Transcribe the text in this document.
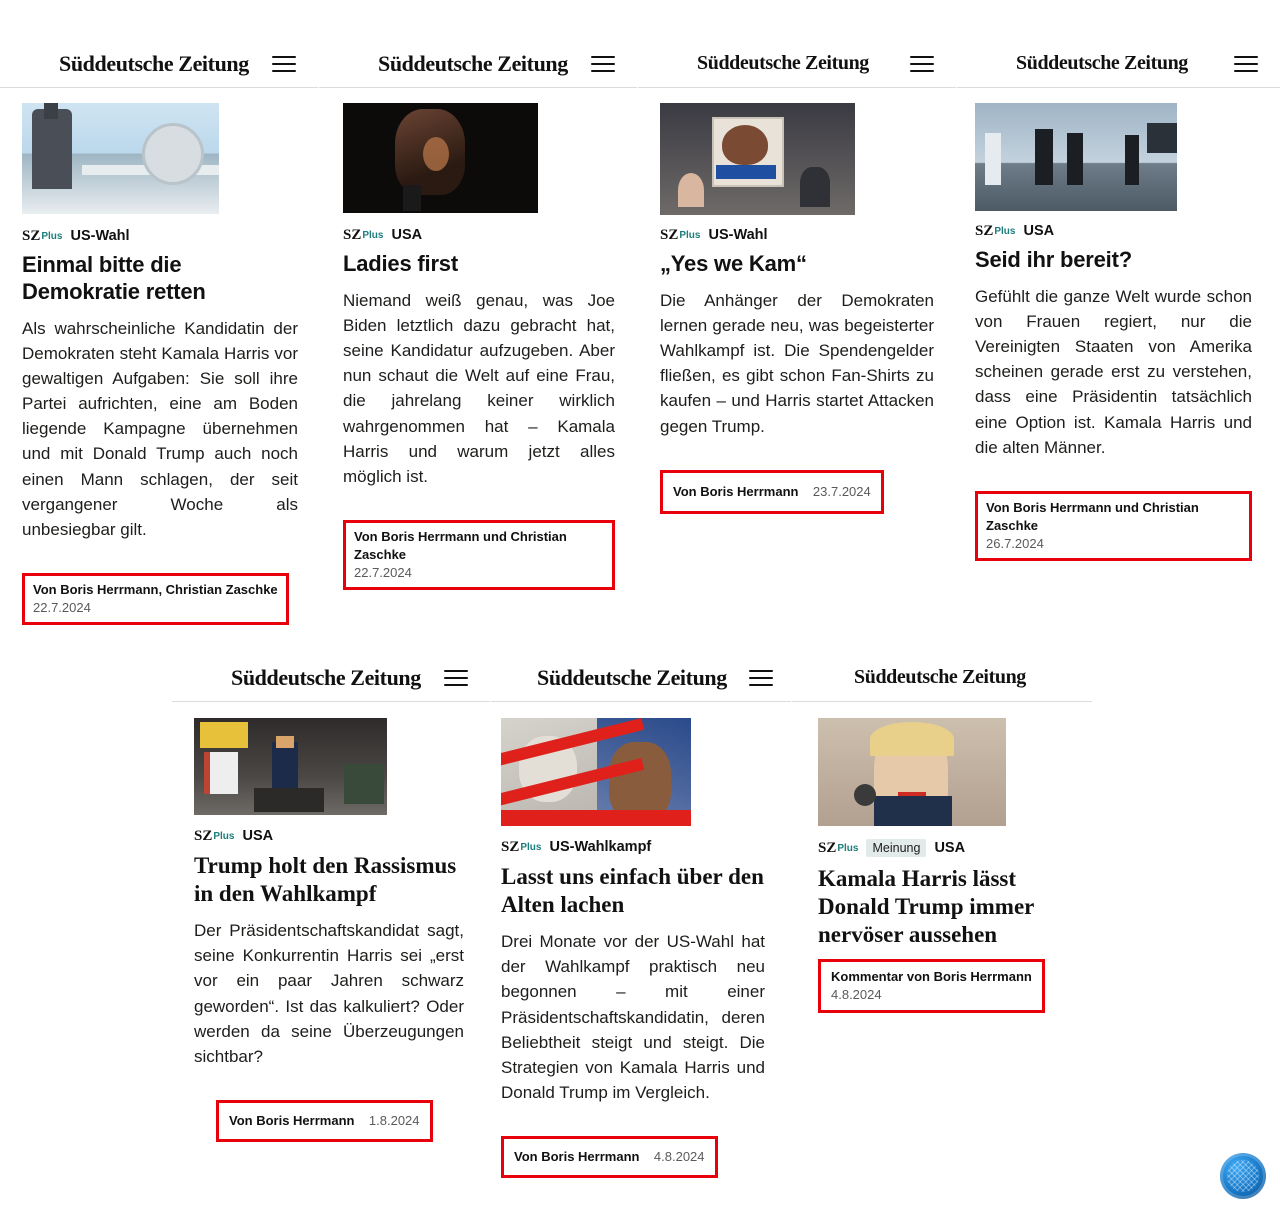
Süddeutsche Zeitung
SZ Plus US-Wahl
Einmal bitte die Demokratie retten

Als wahrscheinliche Kandidatin der Demokraten steht Kamala Harris vor gewaltigen Aufgaben: Sie soll ihre Partei aufrichten, eine am Boden liegende Kampagne übernehmen und mit Donald Trump auch noch einen Mann schlagen, der seit vergangener Woche als unbesiegbar gilt.

Von Boris Herrmann, Christian Zaschke
22.7.2024
Süddeutsche Zeitung
SZ Plus USA
Ladies first

Niemand weiß genau, was Joe Biden letztlich dazu gebracht hat, seine Kandidatur aufzugeben. Aber nun schaut die Welt auf eine Frau, die jahrelang keiner wirklich wahrgenommen hat – Kamala Harris und warum jetzt alles möglich ist.

Von Boris Herrmann und Christian Zaschke
22.7.2024
Süddeutsche Zeitung
SZ Plus US-Wahl
„Yes we Kam“

Die Anhänger der Demokraten lernen gerade neu, was begeisterter Wahlkampf ist. Die Spendengelder fließen, es gibt schon Fan-Shirts zu kaufen – und Harris startet Attacken gegen Trump.

Von Boris Herrmann 23.7.2024
Süddeutsche Zeitung
SZ Plus USA
Seid ihr bereit?

Gefühlt die ganze Welt wurde schon von Frauen regiert, nur die Vereinigten Staaten von Amerika scheinen gerade erst zu verstehen, dass eine Präsidentin tatsächlich eine Option ist. Kamala Harris und die alten Männer.

Von Boris Herrmann und Christian Zaschke
26.7.2024
Süddeutsche Zeitung
SZ Plus USA
Trump holt den Rassismus in den Wahlkampf

Der Präsidentschaftskandidat sagt, seine Konkurrentin Harris sei „erst vor ein paar Jahren schwarz geworden“. Ist das kalkuliert? Oder werden da seine Überzeugungen sichtbar?

Von Boris Herrmann 1.8.2024
Süddeutsche Zeitung
SZ Plus US-Wahlkampf
Lasst uns einfach über den Alten lachen

Drei Monate vor der US-Wahl hat der Wahlkampf praktisch neu begonnen – mit einer Präsidentschaftskandidatin, deren Beliebtheit steigt und steigt. Die Strategien von Kamala Harris und Donald Trump im Vergleich.

Von Boris Herrmann 4.8.2024
Süddeutsche Zeitung
SZ Plus	Meinung USA
Kamala Harris lässt Donald Trump immer nervöser aussehen
Kommentar von Boris Herrmann
4.8.2024
